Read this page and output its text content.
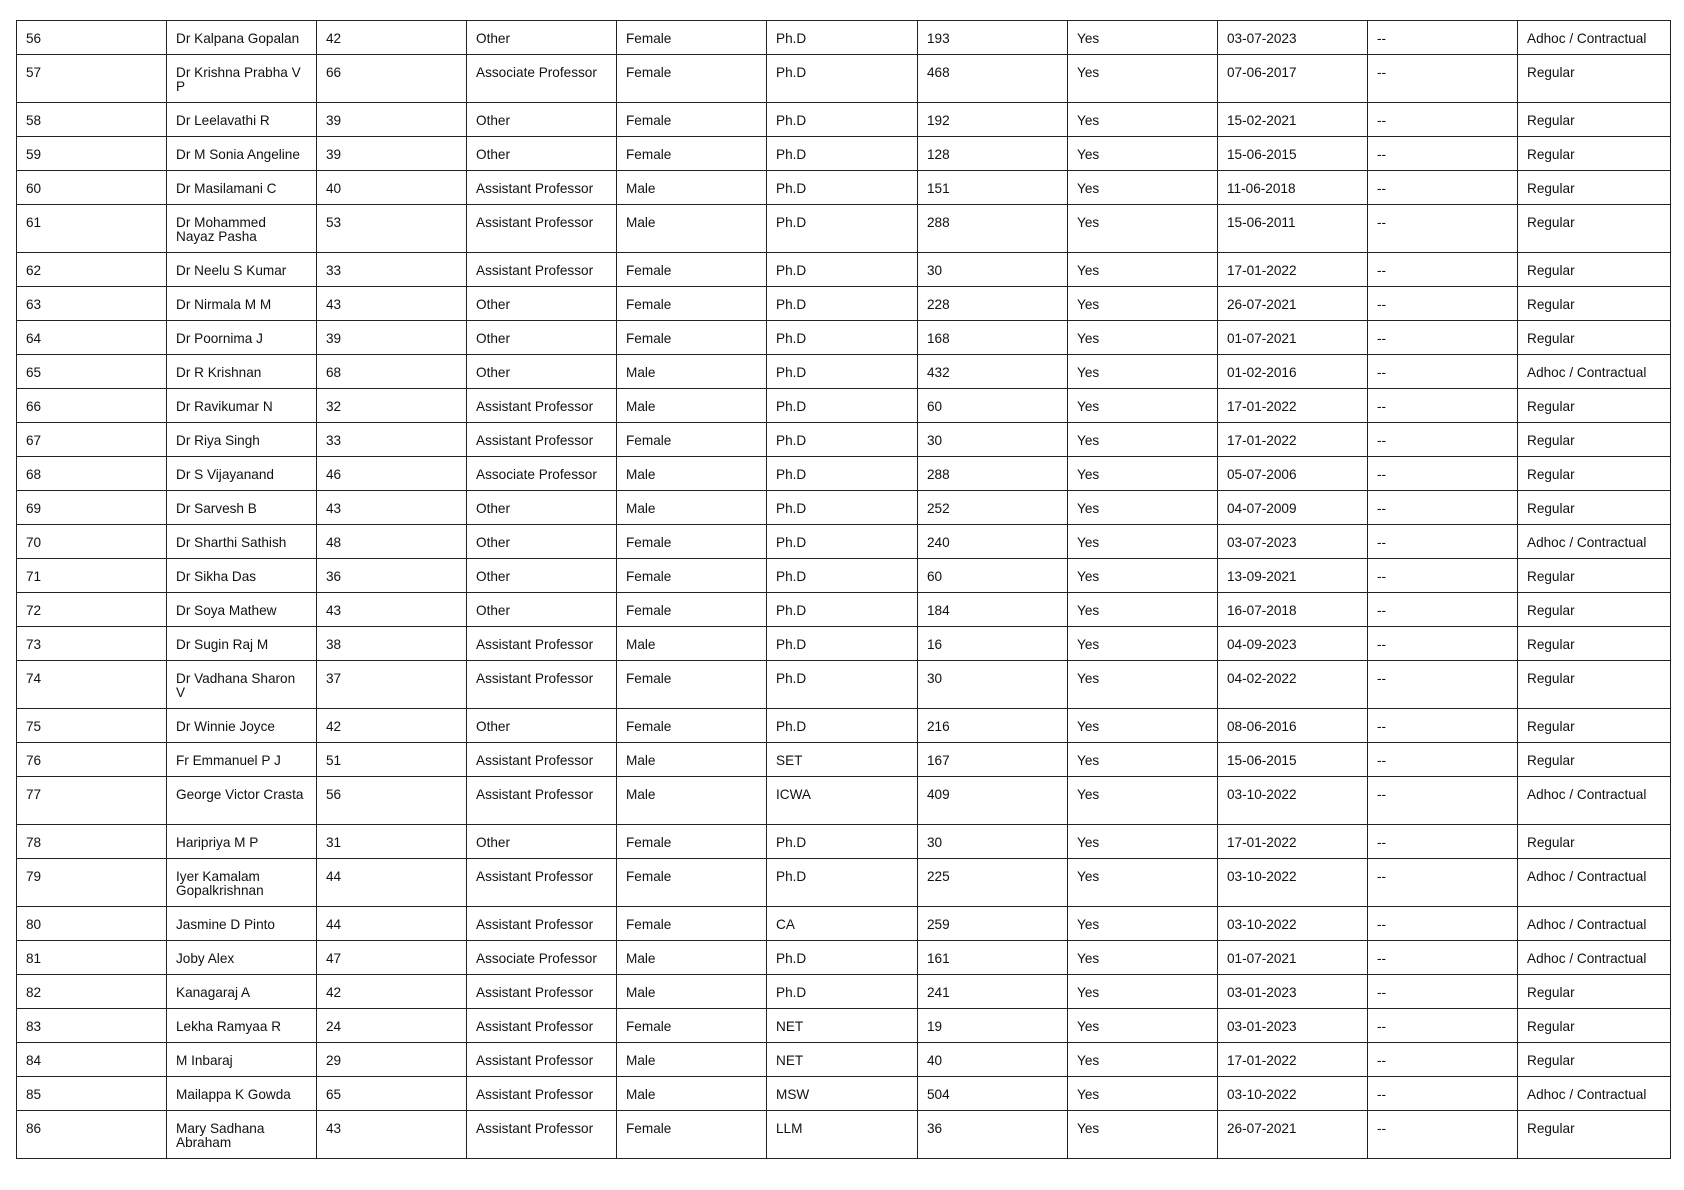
56	Dr Kalpana Gopalan	42	Other	Female	Ph.D	193	Yes	03-07-2023	--	Adhoc / Contractual
57	Dr Krishna Prabha V P	66	Associate Professor	Female	Ph.D	468	Yes	07-06-2017	--	Regular
58	Dr Leelavathi R	39	Other	Female	Ph.D	192	Yes	15-02-2021	--	Regular
59	Dr M Sonia Angeline	39	Other	Female	Ph.D	128	Yes	15-06-2015	--	Regular
60	Dr Masilamani C	40	Assistant Professor	Male	Ph.D	151	Yes	11-06-2018	--	Regular
61	Dr Mohammed Nayaz Pasha	53	Assistant Professor	Male	Ph.D	288	Yes	15-06-2011	--	Regular
62	Dr Neelu S Kumar	33	Assistant Professor	Female	Ph.D	30	Yes	17-01-2022	--	Regular
63	Dr Nirmala M M	43	Other	Female	Ph.D	228	Yes	26-07-2021	--	Regular
64	Dr Poornima J	39	Other	Female	Ph.D	168	Yes	01-07-2021	--	Regular
65	Dr R Krishnan	68	Other	Male	Ph.D	432	Yes	01-02-2016	--	Adhoc / Contractual
66	Dr Ravikumar N	32	Assistant Professor	Male	Ph.D	60	Yes	17-01-2022	--	Regular
67	Dr Riya Singh	33	Assistant Professor	Female	Ph.D	30	Yes	17-01-2022	--	Regular
68	Dr S Vijayanand	46	Associate Professor	Male	Ph.D	288	Yes	05-07-2006	--	Regular
69	Dr Sarvesh B	43	Other	Male	Ph.D	252	Yes	04-07-2009	--	Regular
70	Dr Sharthi Sathish	48	Other	Female	Ph.D	240	Yes	03-07-2023	--	Adhoc / Contractual
71	Dr Sikha Das	36	Other	Female	Ph.D	60	Yes	13-09-2021	--	Regular
72	Dr Soya Mathew	43	Other	Female	Ph.D	184	Yes	16-07-2018	--	Regular
73	Dr Sugin Raj M	38	Assistant Professor	Male	Ph.D	16	Yes	04-09-2023	--	Regular
74	Dr Vadhana Sharon V	37	Assistant Professor	Female	Ph.D	30	Yes	04-02-2022	--	Regular
75	Dr Winnie Joyce	42	Other	Female	Ph.D	216	Yes	08-06-2016	--	Regular
76	Fr Emmanuel P J	51	Assistant Professor	Male	SET	167	Yes	15-06-2015	--	Regular
77	George Victor Crasta	56	Assistant Professor	Male	ICWA	409	Yes	03-10-2022	--	Adhoc / Contractual
78	Haripriya M P	31	Other	Female	Ph.D	30	Yes	17-01-2022	--	Regular
79	Iyer Kamalam Gopalkrishnan	44	Assistant Professor	Female	Ph.D	225	Yes	03-10-2022	--	Adhoc / Contractual
80	Jasmine D Pinto	44	Assistant Professor	Female	CA	259	Yes	03-10-2022	--	Adhoc / Contractual
81	Joby Alex	47	Associate Professor	Male	Ph.D	161	Yes	01-07-2021	--	Adhoc / Contractual
82	Kanagaraj A	42	Assistant Professor	Male	Ph.D	241	Yes	03-01-2023	--	Regular
83	Lekha Ramyaa R	24	Assistant Professor	Female	NET	19	Yes	03-01-2023	--	Regular
84	M Inbaraj	29	Assistant Professor	Male	NET	40	Yes	17-01-2022	--	Regular
85	Mailappa K Gowda	65	Assistant Professor	Male	MSW	504	Yes	03-10-2022	--	Adhoc / Contractual
86	Mary Sadhana Abraham	43	Assistant Professor	Female	LLM	36	Yes	26-07-2021	--	Regular
